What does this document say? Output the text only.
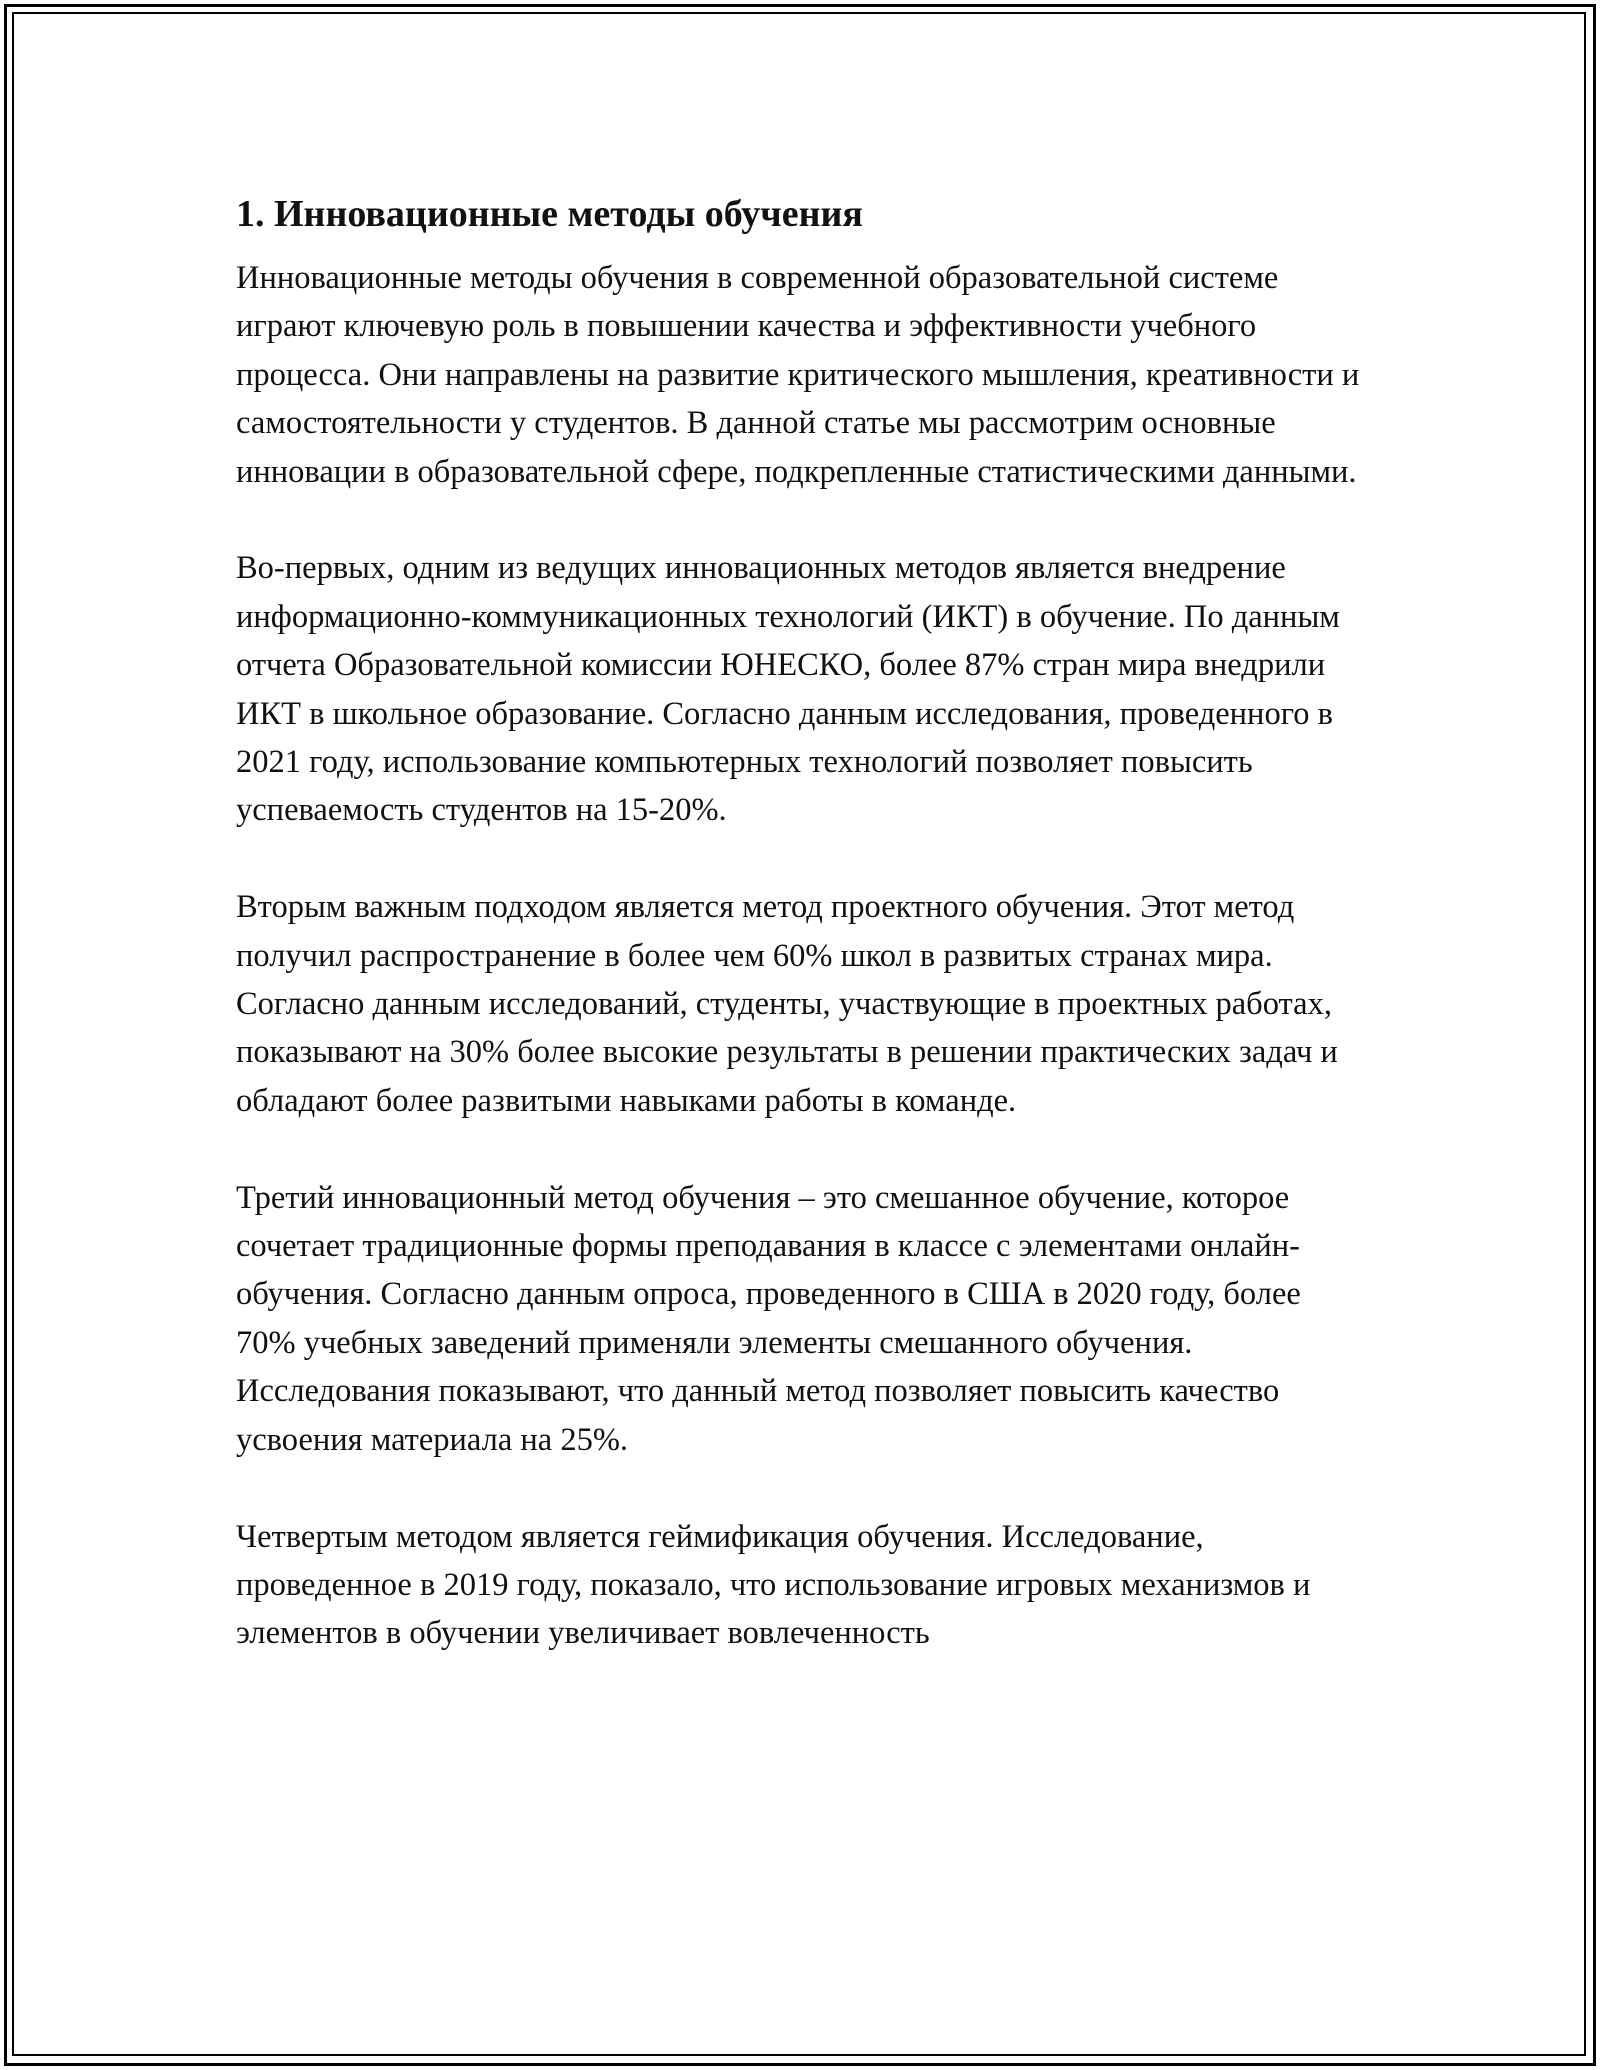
1. Инновационные методы обучения

Инновационные методы обучения в современной образовательной системе играют ключевую роль в повышении качества и эффективности учебного процесса. Они направлены на развитие критического мышления, креативности и самостоятельности у студентов. В данной статье мы рассмотрим основные инновации в образовательной сфере, подкрепленные статистическими данными.

Во-первых, одним из ведущих инновационных методов является внедрение информационно-коммуникационных технологий (ИКТ) в обучение. По данным отчета Образовательной комиссии ЮНЕСКО, более 87% стран мира внедрили ИКТ в школьное образование. Согласно данным исследования, проведенного в 2021 году, использование компьютерных технологий позволяет повысить успеваемость студентов на 15-20%.

Вторым важным подходом является метод проектного обучения. Этот метод получил распространение в более чем 60% школ в развитых странах мира. Согласно данным исследований, студенты, участвующие в проектных работах, показывают на 30% более высокие результаты в решении практических задач и обладают более развитыми навыками работы в команде.

Третий инновационный метод обучения – это смешанное обучение, которое сочетает традиционные формы преподавания в классе с элементами онлайн-обучения. Согласно данным опроса, проведенного в США в 2020 году, более 70% учебных заведений применяли элементы смешанного обучения. Исследования показывают, что данный метод позволяет повысить качество усвоения материала на 25%.

Четвертым методом является геймификация обучения. Исследование, проведенное в 2019 году, показало, что использование игровых механизмов и элементов в обучении увеличивает вовлеченность
